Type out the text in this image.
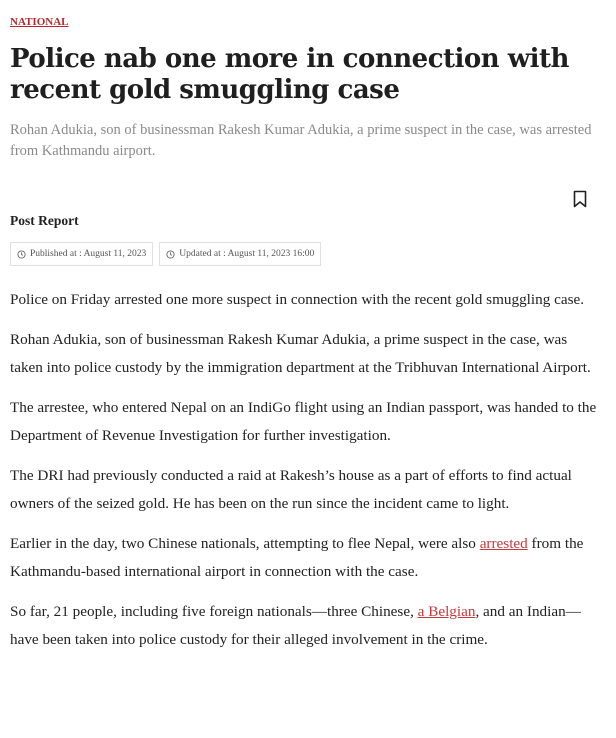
NATIONAL
Police nab one more in connection with recent gold smuggling case

Rohan Adukia, son of businessman Rakesh Kumar Adukia, a prime suspect in the case, was arrested from Kathmandu airport.

Post Report
Published at : August 11, 2023	Updated at : August 11, 2023 16:00

Police on Friday arrested one more suspect in connection with the recent gold smuggling case.

Rohan Adukia, son of businessman Rakesh Kumar Adukia, a prime suspect in the case, was taken into police custody by the immigration department at the Tribhuvan International Airport.

The arrestee, who entered Nepal on an IndiGo flight using an Indian passport, was handed to the Department of Revenue Investigation for further investigation.

The DRI had previously conducted a raid at Rakesh’s house as a part of efforts to find actual owners of the seized gold. He has been on the run since the incident came to light.

Earlier in the day, two Chinese nationals, attempting to flee Nepal, were also arrested from the Kathmandu-based international airport in connection with the case.

So far, 21 people, including five foreign nationals—three Chinese, a Belgian, and an Indian—have been taken into police custody for their alleged involvement in the crime.
